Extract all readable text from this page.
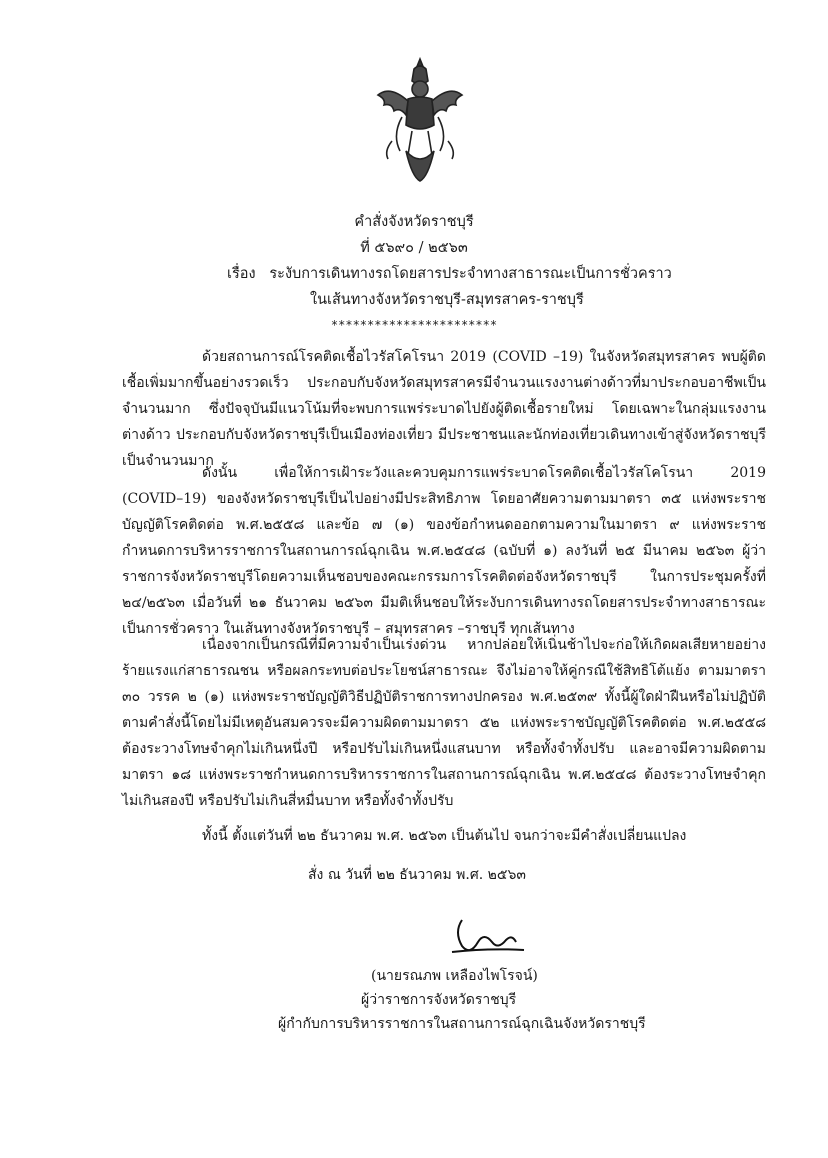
คำสั่งจังหวัดราชบุรี
ที่ ๕๖๙๐ / ๒๕๖๓
เรื่อง ระงับการเดินทางรถโดยสารประจำทางสาธารณะเป็นการชั่วคราว
ในเส้นทางจังหวัดราชบุรี-สมุทรสาคร-ราชบุรี
***********************

ด้วยสถานการณ์โรคติดเชื้อไวรัสโคโรนา 2019 (COVID –19) ในจังหวัดสมุทรสาคร พบผู้ติดเชื้อเพิ่มมากขึ้นอย่างรวดเร็ว ประกอบกับจังหวัดสมุทรสาครมีจำนวนแรงงานต่างด้าวที่มาประกอบอาชีพเป็นจำนวนมาก ซึ่งปัจจุบันมีแนวโน้มที่จะพบการแพร่ระบาดไปยังผู้ติดเชื้อรายใหม่ โดยเฉพาะในกลุ่มแรงงานต่างด้าว ประกอบกับจังหวัดราชบุรีเป็นเมืองท่องเที่ยว มีประชาชนและนักท่องเที่ยวเดินทางเข้าสู่จังหวัดราชบุรีเป็นจำนวนมาก

ดังนั้น เพื่อให้การเฝ้าระวังและควบคุมการแพร่ระบาดโรคติดเชื้อไวรัสโคโรนา 2019 (COVID–19) ของจังหวัดราชบุรีเป็นไปอย่างมีประสิทธิภาพ โดยอาศัยความตามมาตรา ๓๕ แห่งพระราชบัญญัติโรคติดต่อ พ.ศ.๒๕๕๘ และข้อ ๗ (๑) ของข้อกำหนดออกตามความในมาตรา ๙ แห่งพระราชกำหนดการบริหารราชการในสถานการณ์ฉุกเฉิน พ.ศ.๒๕๔๘ (ฉบับที่ ๑) ลงวันที่ ๒๕ มีนาคม ๒๕๖๓ ผู้ว่าราชการจังหวัดราชบุรีโดยความเห็นชอบของคณะกรรมการโรคติดต่อจังหวัดราชบุรี ในการประชุมครั้งที่ ๒๔/๒๕๖๓ เมื่อวันที่ ๒๑ ธันวาคม ๒๕๖๓ มีมติเห็นชอบให้ระงับการเดินทางรถโดยสารประจำทางสาธารณะเป็นการชั่วคราว ในเส้นทางจังหวัดราชบุรี – สมุทรสาคร –ราชบุรี ทุกเส้นทาง

เนื่องจากเป็นกรณีที่มีความจำเป็นเร่งด่วน หากปล่อยให้เนิ่นช้าไปจะก่อให้เกิดผลเสียหายอย่างร้ายแรงแก่สาธารณชน หรือผลกระทบต่อประโยชน์สาธารณะ จึงไม่อาจให้คู่กรณีใช้สิทธิโต้แย้ง ตามมาตรา ๓๐ วรรค ๒ (๑) แห่งพระราชบัญญัติวิธีปฏิบัติราชการทางปกครอง พ.ศ.๒๕๓๙ ทั้งนี้ผู้ใดฝ่าฝืนหรือไม่ปฏิบัติตามคำสั่งนี้โดยไม่มีเหตุอันสมควรจะมีความผิดตามมาตรา ๕๒ แห่งพระราชบัญญัติโรคติดต่อ พ.ศ.๒๕๕๘ ต้องระวางโทษจำคุกไม่เกินหนึ่งปี หรือปรับไม่เกินหนึ่งแสนบาท หรือทั้งจำทั้งปรับ และอาจมีความผิดตามมาตรา ๑๘ แห่งพระราชกำหนดการบริหารราชการในสถานการณ์ฉุกเฉิน พ.ศ.๒๕๔๘ ต้องระวางโทษจำคุกไม่เกินสองปี หรือปรับไม่เกินสี่หมื่นบาท หรือทั้งจำทั้งปรับ

ทั้งนี้ ตั้งแต่วันที่ ๒๒ ธันวาคม พ.ศ. ๒๕๖๓ เป็นต้นไป จนกว่าจะมีคำสั่งเปลี่ยนแปลง
สั่ง ณ วันที่ ๒๒ ธันวาคม พ.ศ. ๒๕๖๓
(นายรณภพ เหลืองไพโรจน์)
ผู้ว่าราชการจังหวัดราชบุรี
ผู้กำกับการบริหารราชการในสถานการณ์ฉุกเฉินจังหวัดราชบุรี
